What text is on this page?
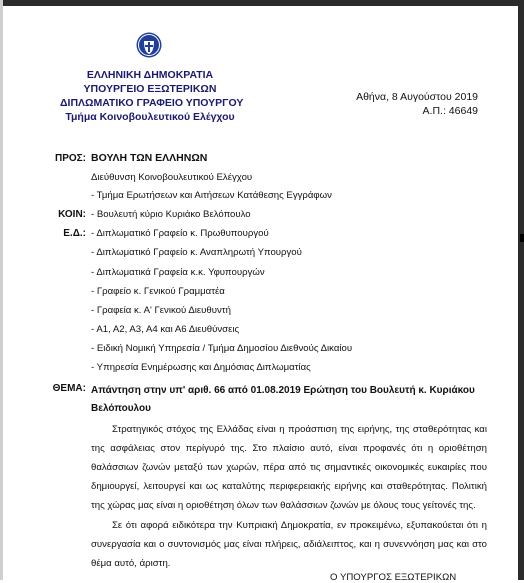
ΕΛΛΗΝΙΚΗ ΔΗΜΟΚΡΑΤΙΑ
ΥΠΟΥΡΓΕΙΟ ΕΞΩΤΕΡΙΚΩΝ
ΔΙΠΛΩΜΑΤΙΚΟ ΓΡΑΦΕΙΟ ΥΠΟΥΡΓΟΥ
Τμήμα Κοινοβουλευτικού Ελέγχου
Αθήνα, 8 Αυγούστου 2019
Α.Π.: 46649
ΠΡΟΣ: ΒΟΥΛΗ ΤΩΝ ΕΛΛΗΝΩΝ
Διεύθυνση Κοινοβουλευτικού Ελέγχου
- Τμήμα Ερωτήσεων και Αιτήσεων Κατάθεσης Εγγράφων
ΚΟΙΝ: - Βουλευτή κύριο Κυριάκο Βελόπουλο
Ε.Δ.: - Διπλωματικό Γραφείο κ. Πρωθυπουργού
- Διπλωματικό Γραφείο κ. Αναπληρωτή Υπουργού
- Διπλωματικά Γραφεία κ.κ. Υφυπουργών
- Γραφείο κ. Γενικού Γραμματέα
- Γραφεία κ. Α' Γενικού Διευθυντή
- Α1, Α2, Α3, Α4 και Α6 Διευθύνσεις
- Ειδική Νομική Υπηρεσία / Τμήμα Δημοσίου Διεθνούς Δικαίου
- Υπηρεσία Ενημέρωσης και Δημόσιας Διπλωματίας
ΘΕΜΑ: Απάντηση στην υπ' αριθ. 66 από 01.08.2019 Ερώτηση του Βουλευτή κ. Κυριάκου Βελόπουλου

Στρατηγικός στόχος της Ελλάδας είναι η προάσπιση της ειρήνης, της σταθερότητας και της ασφάλειας στον περίγυρό της. Στο πλαίσιο αυτό, είναι προφανές ότι η οριοθέτηση θαλάσσιων ζωνών μεταξύ των χωρών, πέρα από τις σημαντικές οικονομικές ευκαιρίες που δημιουργεί, λειτουργεί και ως καταλύτης περιφερειακής ειρήνης και σταθερότητας. Πολιτική της χώρας μας είναι η οριοθέτηση όλων των θαλάσσιων ζωνών με όλους τους γείτονές της.

Σε ότι αφορά ειδικότερα την Κυπριακή Δημοκρατία, εν προκειμένω, εξυπακούεται ότι η συνεργασία και ο συντονισμός μας είναι πλήρεις, αδιάλειπτος, και η συνεννόηση μας και στο θέμα αυτό, άριστη.

Ο ΥΠΟΥΡΓΟΣ ΕΞΩΤΕΡΙΚΩΝ
